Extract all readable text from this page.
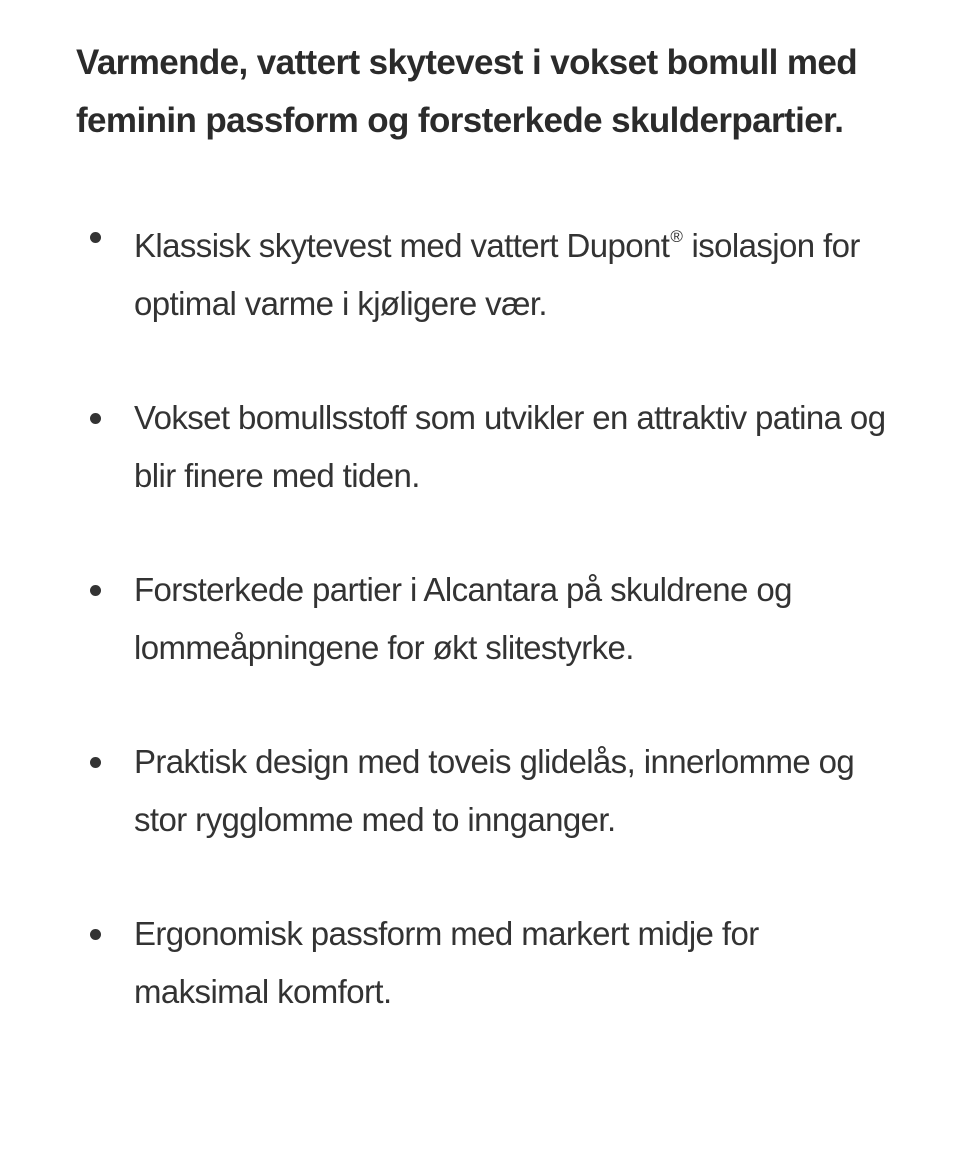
Varmende, vattert skytevest i vokset bomull med feminin passform og forsterkede skulderpartier.

Klassisk skytevest med vattert Dupont® isolasjon for optimal varme i kjøligere vær.
Vokset bomullsstoff som utvikler en attraktiv patina og blir finere med tiden.
Forsterkede partier i Alcantara på skuldrene og lommeåpningene for økt slitestyrke.
Praktisk design med toveis glidelås, innerlomme og stor rygglomme med to innganger.
Ergonomisk passform med markert midje for maksimal komfort.
